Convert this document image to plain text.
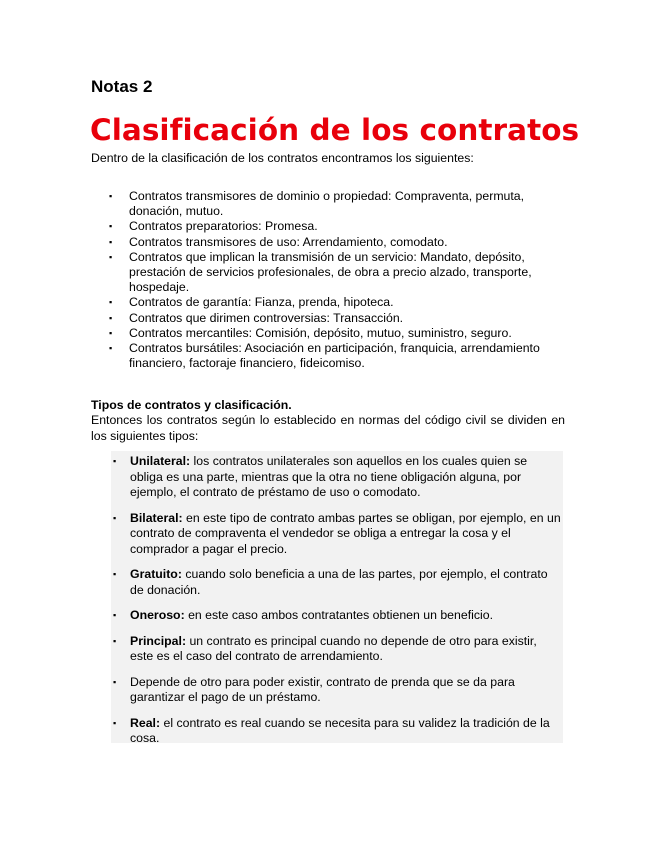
Notas 2
Clasificación de los contratos
Dentro de la clasificación de los contratos encontramos los siguientes:
▪ Contratos transmisores de dominio o propiedad: Compraventa, permuta, donación, mutuo.
▪ Contratos preparatorios: Promesa.
▪ Contratos transmisores de uso: Arrendamiento, comodato.
▪ Contratos que implican la transmisión de un servicio: Mandato, depósito, prestación de servicios profesionales, de obra a precio alzado, transporte, hospedaje.
▪ Contratos de garantía: Fianza, prenda, hipoteca.
▪ Contratos que dirimen controversias: Transacción.
▪ Contratos mercantiles: Comisión, depósito, mutuo, suministro, seguro.
▪ Contratos bursátiles: Asociación en participación, franquicia, arrendamiento financiero, factoraje financiero, fideicomiso.
Tipos de contratos y clasificación.
Entonces los contratos según lo establecido en normas del código civil se dividen en los siguientes tipos:
▪ Unilateral: los contratos unilaterales son aquellos en los cuales quien se obliga es una parte, mientras que la otra no tiene obligación alguna, por ejemplo, el contrato de préstamo de uso o comodato.
▪ Bilateral: en este tipo de contrato ambas partes se obligan, por ejemplo, en un contrato de compraventa el vendedor se obliga a entregar la cosa y el comprador a pagar el precio.
▪ Gratuito: cuando solo beneficia a una de las partes, por ejemplo, el contrato de donación.
▪ Oneroso: en este caso ambos contratantes obtienen un beneficio.
▪ Principal: un contrato es principal cuando no depende de otro para existir, este es el caso del contrato de arrendamiento.
▪ Depende de otro para poder existir, contrato de prenda que se da para garantizar el pago de un préstamo.
▪ Real: el contrato es real cuando se necesita para su validez la tradición de la cosa.
